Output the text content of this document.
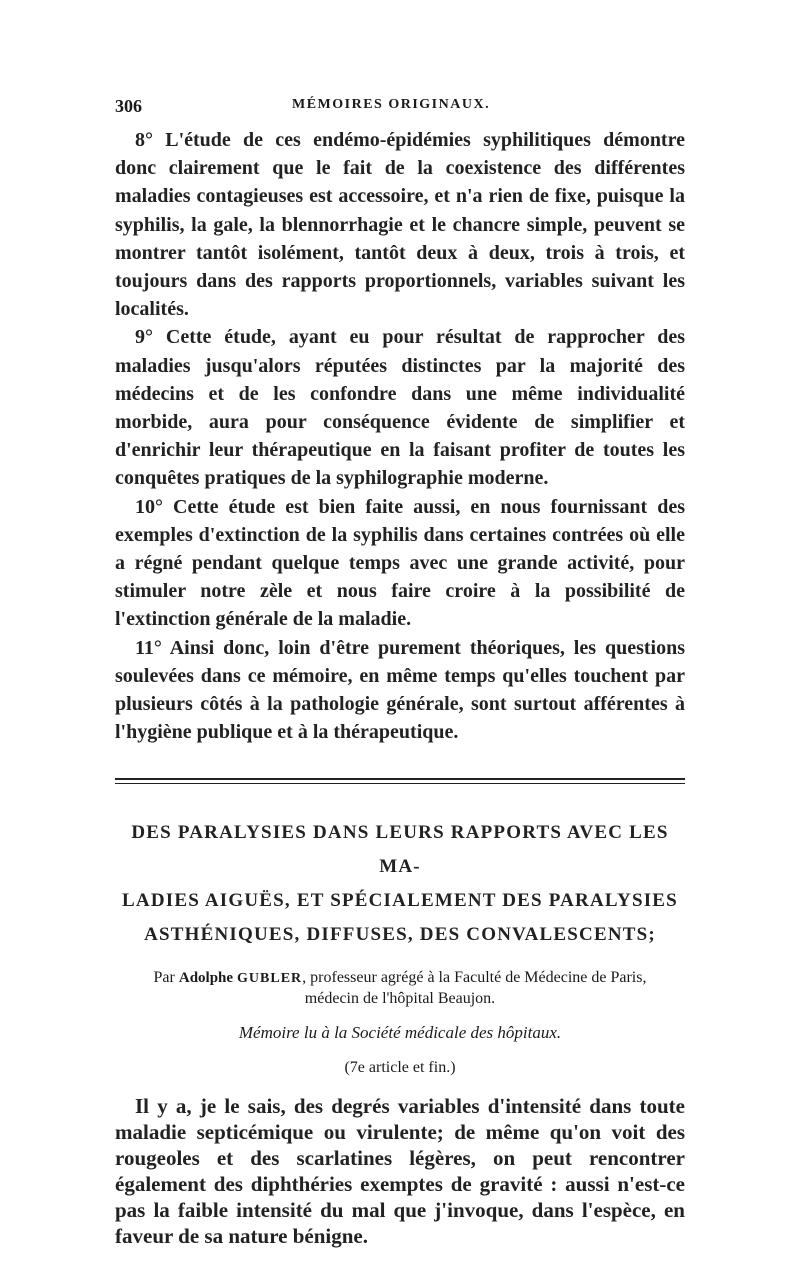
306	MÉMOIRES ORIGINAUX.

8° L'étude de ces endémo-épidémies syphilitiques démontre donc clairement que le fait de la coexistence des différentes maladies contagieuses est accessoire, et n'a rien de fixe, puisque la syphilis, la gale, la blennorrhagie et le chancre simple, peuvent se montrer tantôt isolément, tantôt deux à deux, trois à trois, et toujours dans des rapports proportionnels, variables suivant les localités.

9° Cette étude, ayant eu pour résultat de rapprocher des maladies jusqu'alors réputées distinctes par la majorité des médecins et de les confondre dans une même individualité morbide, aura pour conséquence évidente de simplifier et d'enrichir leur thérapeutique en la faisant profiter de toutes les conquêtes pratiques de la syphilographie moderne.

10° Cette étude est bien faite aussi, en nous fournissant des exemples d'extinction de la syphilis dans certaines contrées où elle a régné pendant quelque temps avec une grande activité, pour stimuler notre zèle et nous faire croire à la possibilité de l'extinction générale de la maladie.

11° Ainsi donc, loin d'être purement théoriques, les questions soulevées dans ce mémoire, en même temps qu'elles touchent par plusieurs côtés à la pathologie générale, sont surtout afférentes à l'hygiène publique et à la thérapeutique.

DES PARALYSIES DANS LEURS RAPPORTS AVEC LES MA-
LADIES AIGUËS, ET SPÉCIALEMENT DES PARALYSIES
ASTHÉNIQUES, DIFFUSES, DES CONVALESCENTS;
Par Adolphe GUBLER, professeur agrégé à la Faculté de Médecine de Paris,
médecin de l'hôpital Beaujon.
Mémoire lu à la Société médicale des hôpitaux.
(7e article et fin.)

Il y a, je le sais, des degrés variables d'intensité dans toute maladie septicémique ou virulente; de même qu'on voit des rougeoles et des scarlatines légères, on peut rencontrer également des diphthéries exemptes de gravité : aussi n'est-ce pas la faible intensité du mal que j'invoque, dans l'espèce, en faveur de sa nature bénigne.
